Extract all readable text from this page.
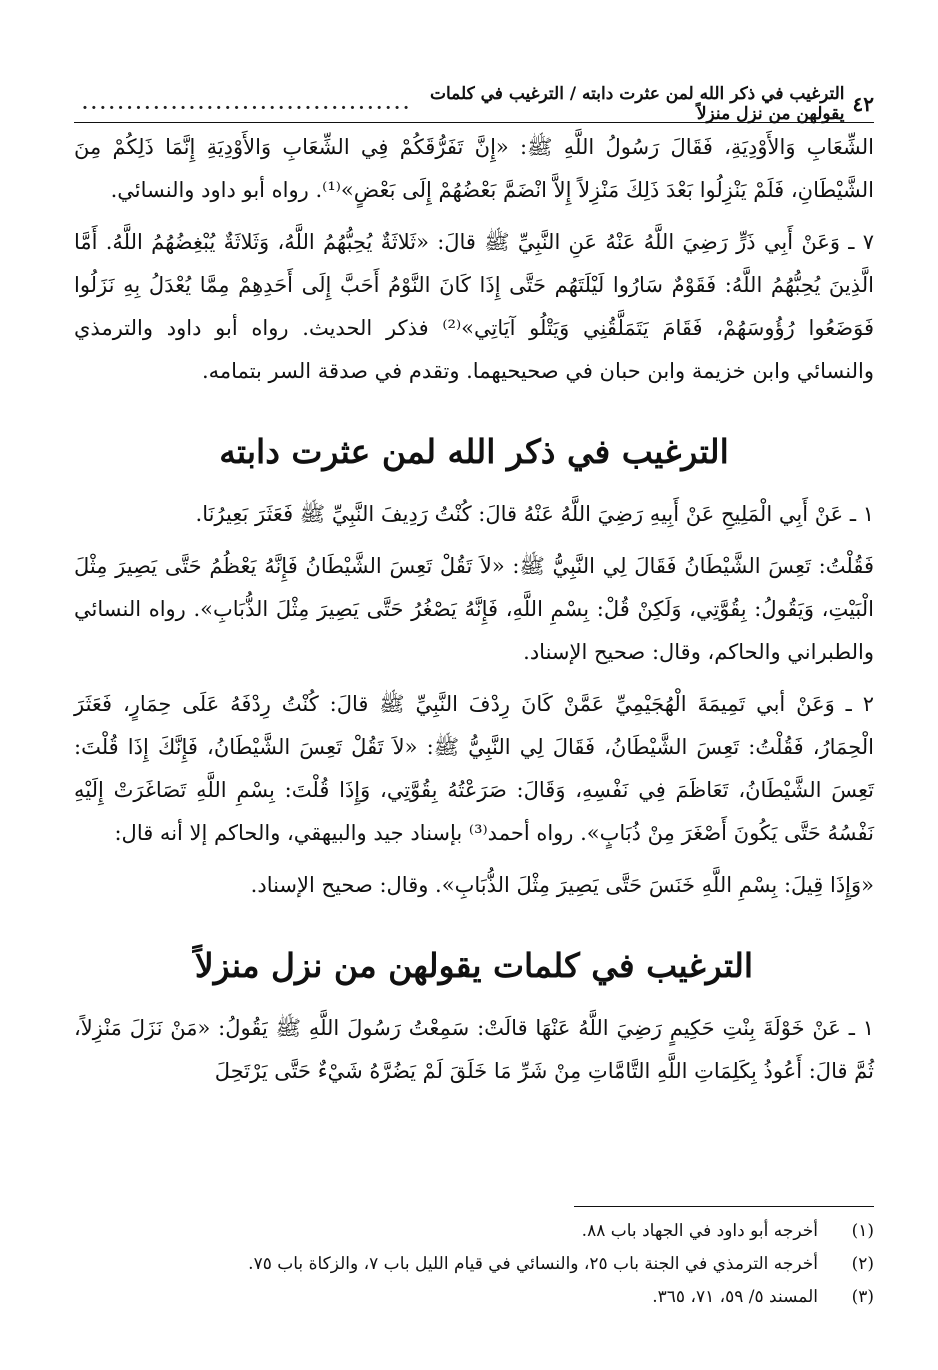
٤٢
الترغيب في ذكر الله لمن عثرت دابته / الترغيب في كلمات يقولهن من نزل منزلاً
.....................................

الشِّعَابِ وَالأَوْدِيَةِ، فَقَالَ رَسُولُ اللَّهِ ﷺ: «إِنَّ تَفَرُّقَكُمْ فِي الشِّعَابِ وَالأَوْدِيَةِ إِنَّمَا ذَلِكُمْ مِنَ الشَّيْطَانِ، فَلَمْ يَنْزِلُوا بَعْدَ ذَلِكَ مَنْزِلاً إِلاَّ انْضَمَّ بَعْضُهُمْ إِلَى بَعْضٍ»⁽¹⁾. رواه أبو داود والنسائي.

٧ ـ وَعَنْ أَبِي ذَرٍّ رَضِيَ اللَّهُ عَنْهُ عَنِ النَّبِيِّ ﷺ قالَ: «ثَلاثَةٌ يُحِبُّهُمُ اللَّهُ، وَثَلاثَةٌ يُبْغِضُهُمُ اللَّهُ. أَمَّا الَّذِينَ يُحِبُّهُمُ اللَّهُ: فَقَوْمٌ سَارُوا لَيْلَتَهُم حَتَّى إِذَا كَانَ النَّوْمُ أَحَبَّ إِلَى أَحَدِهِمْ مِمَّا يُعْدَلُ بِهِ نَزَلُوا فَوَضَعُوا رُؤُوسَهُمْ، فَقَامَ يَتَمَلَّقُنِي وَيَتْلُو آيَاتِي»⁽²⁾ فذكر الحديث. رواه أبو داود والترمذي والنسائي وابن خزيمة وابن حبان في صحيحيهما. وتقدم في صدقة السر بتمامه.

الترغيب في ذكر الله لمن عثرت دابته

١ ـ عَنْ أَبِي الْمَلِيحِ عَنْ أَبِيهِ رَضِيَ اللَّهُ عَنْهُ قالَ: كُنْتُ رَدِيفَ النَّبِيِّ ﷺ فَعَثَرَ بَعِيرُنَا.

فَقُلْتُ: تَعِسَ الشَّيْطَانُ فَقَالَ لِي النَّبِيُّ ﷺ: «لاَ تَقُلْ تَعِسَ الشَّيْطَانُ فَإِنَّهُ يَعْظُمُ حَتَّى يَصِيرَ مِثْلَ الْبَيْتِ، وَيَقُولُ: بِقُوَّتِي، وَلَكِنْ قُلْ: بِسْمِ اللَّهِ، فَإِنَّهُ يَصْغُرُ حَتَّى يَصِيرَ مِثْلَ الذُّبَابِ». رواه النسائي والطبراني والحاكم، وقال: صحيح الإسناد.

٢ ـ وَعَنْ أبي تَمِيمَةَ الْهُجَيْمِيِّ عَمَّنْ كَانَ رِدْفَ النَّبِيِّ ﷺ قالَ: كُنْتُ رِدْفَهُ عَلَى حِمَارٍ، فَعَثَرَ الْحِمَارُ، فَقُلْتُ: تَعِسَ الشَّيْطَانُ، فَقَالَ لِي النَّبِيُّ ﷺ: «لاَ تَقُلْ تَعِسَ الشَّيْطَانُ، فَإِنَّكَ إِذَا قُلْتَ: تَعِسَ الشَّيْطَانُ، تَعَاظَمَ فِي نَفْسِهِ، وَقَالَ: صَرَعْتُهُ بِقُوَّتِي، وَإِذَا قُلْتَ: بِسْمِ اللَّهِ تَصَاغَرَتْ إِلَيْهِ نَفْسُهُ حَتَّى يَكُونَ أَصْغَرَ مِنْ ذُبَابٍ». رواه أحمد⁽³⁾ بإسناد جيد والبيهقي، والحاكم إلا أنه قال:

«وَإِذَا قِيلَ: بِسْمِ اللَّهِ خَنَسَ حَتَّى يَصِيرَ مِثْلَ الذُّبَابِ». وقال: صحيح الإسناد.

الترغيب في كلمات يقولهن من نزل منزلاً

١ ـ عَنْ خَوْلَةَ بِنْتِ حَكِيمٍ رَضِيَ اللَّهُ عَنْهَا قالَتْ: سَمِعْتُ رَسُولَ اللَّهِ ﷺ يَقُولُ: «مَنْ نَزَلَ مَنْزِلاً، ثُمَّ قالَ: أَعُوذُ بِكَلِمَاتِ اللَّهِ التَّامَّاتِ مِنْ شَرِّ مَا خَلَقَ لَمْ يَضُرَّهُ شَيْءٌ حَتَّى يَرْتَحِلَ

(١)
أخرجه أبو داود في الجهاد باب ٨٨.
(٢)
أخرجه الترمذي في الجنة باب ٢٥، والنسائي في قيام الليل باب ٧، والزكاة باب ٧٥.
(٣)
المسند ٥/ ٥٩، ٧١، ٣٦٥.
